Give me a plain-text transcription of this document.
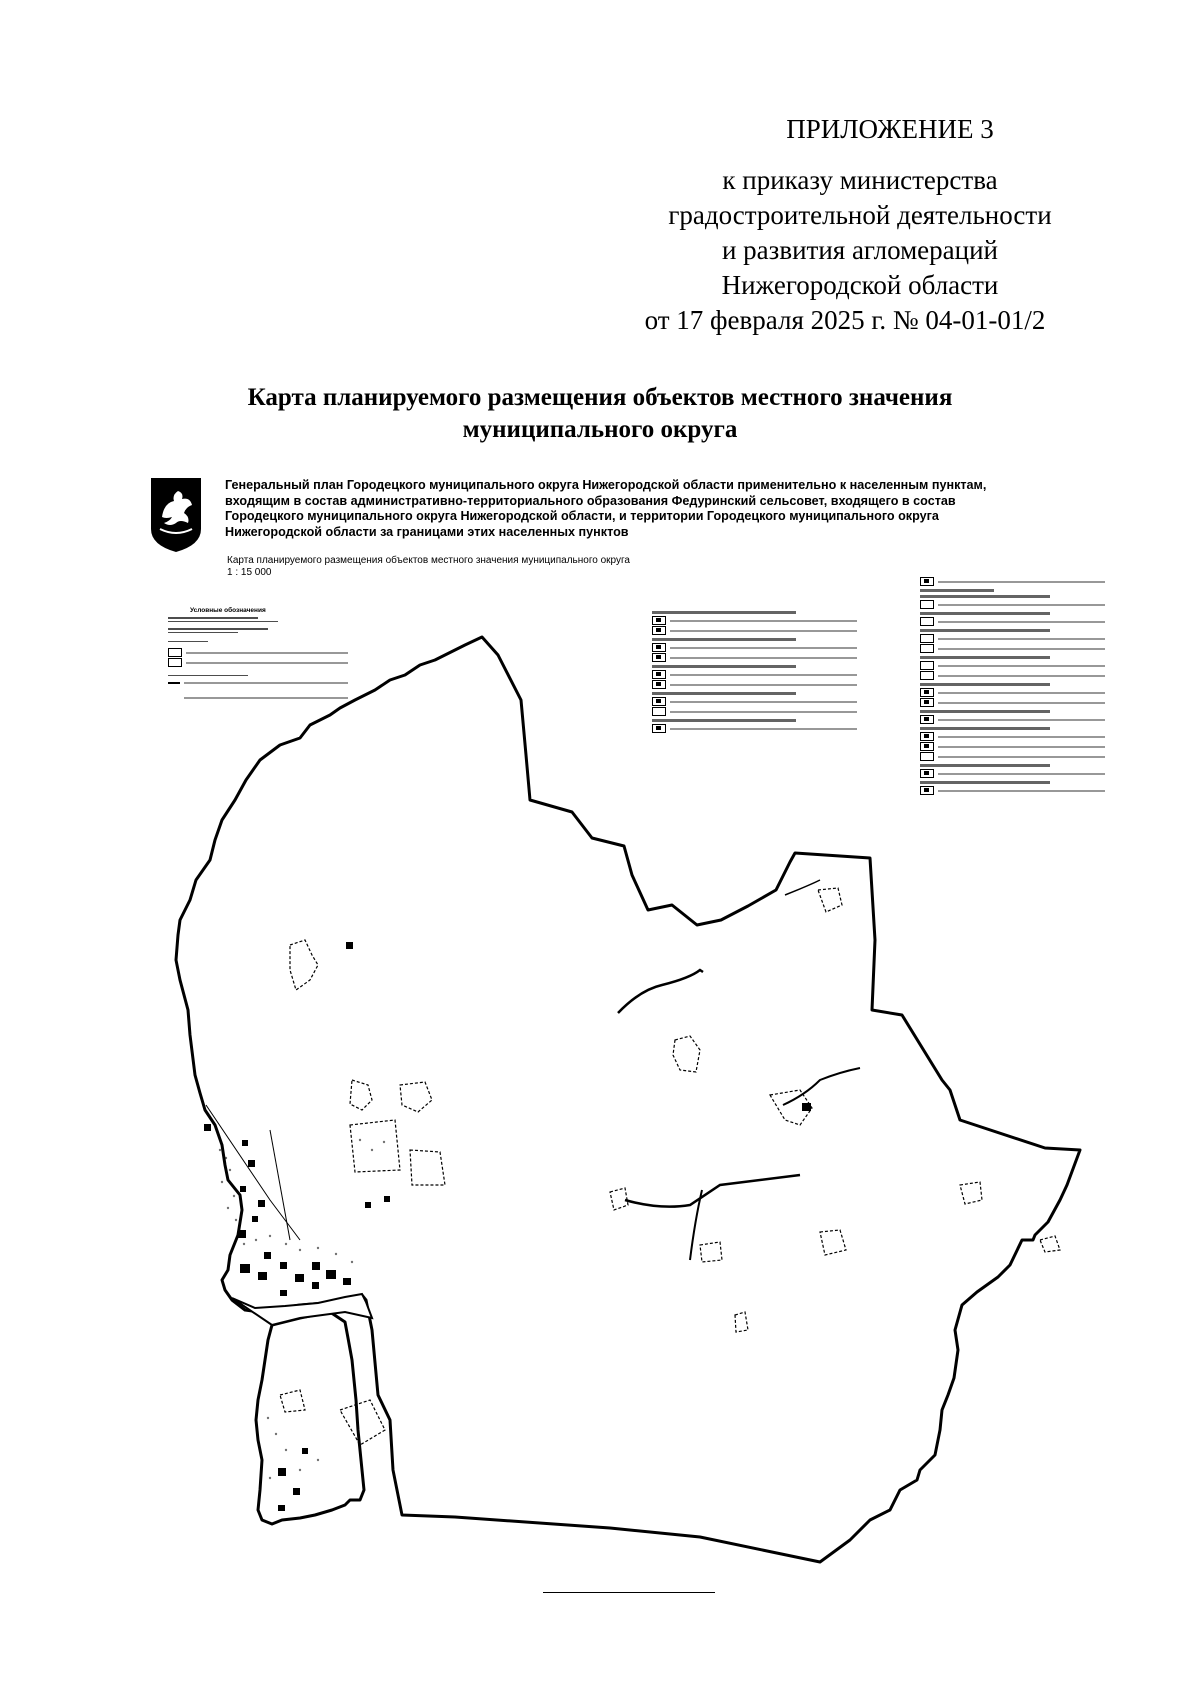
ПРИЛОЖЕНИЕ 3
к приказу министерства
градостроительной деятельности
и развития агломераций
Нижегородской области
от 17 февраля 2025 г. № 04-01-01/2
Карта планируемого размещения объектов местного значения
муниципального округа
Генеральный план Городецкого муниципального округа Нижегородской области применительно к населенным пунктам,
входящим в состав административно-территориального образования Федуринский сельсовет, входящего в состав
Городецкого муниципального округа Нижегородской области, и территории Городецкого муниципального округа
Нижегородской области за границами этих населенных пунктов
Карта планируемого размещения объектов местного значения муниципального округа
1 : 15 000
Условные обозначения
